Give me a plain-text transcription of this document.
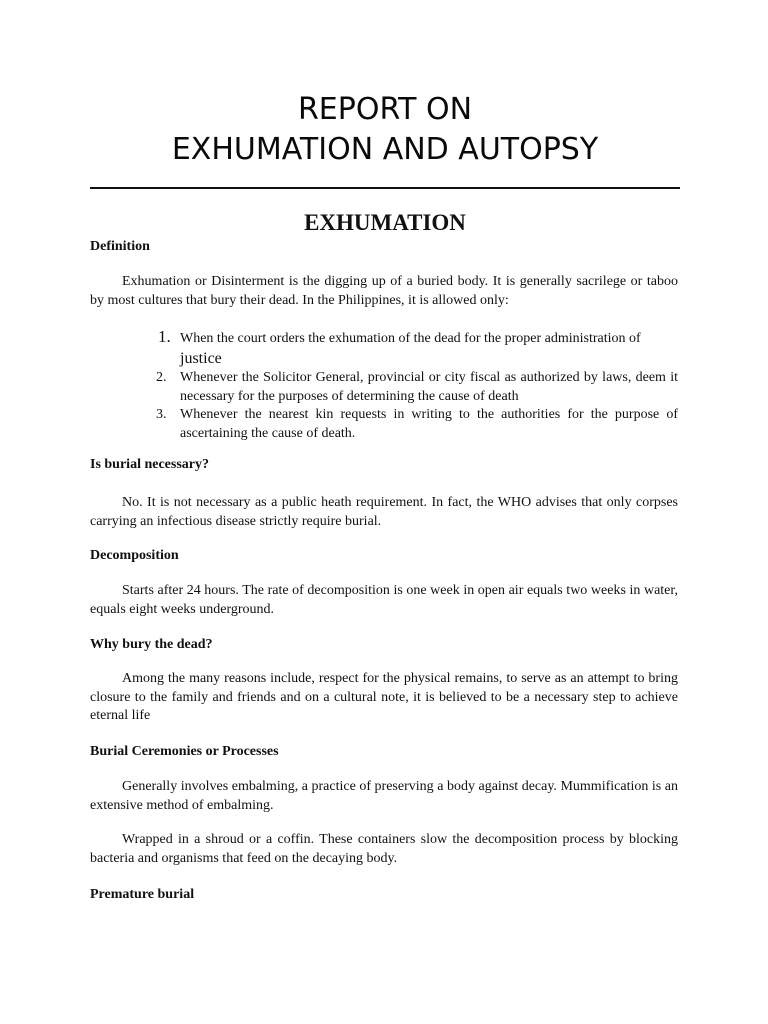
REPORT ON
EXHUMATION AND AUTOPSY
EXHUMATION
Definition
Exhumation or Disinterment is the digging up of a buried body. It is generally sacrilege or taboo by most cultures that bury their dead. In the Philippines, it is allowed only:
1. When the court orders the exhumation of the dead for the proper administration of
justice
2. Whenever the Solicitor General, provincial or city fiscal as authorized by laws, deem it necessary for the purposes of determining the cause of death
3. Whenever the nearest kin requests in writing to the authorities for the purpose of ascertaining the cause of death.
Is burial necessary?
No. It is not necessary as a public heath requirement. In fact, the WHO advises that only corpses carrying an infectious disease strictly require burial.
Decomposition
Starts after 24 hours. The rate of decomposition is one week in open air equals two weeks in water, equals eight weeks underground.
Why bury the dead?
Among the many reasons include, respect for the physical remains, to serve as an attempt to bring closure to the family and friends and on a cultural note, it is believed to be a necessary step to achieve eternal life
Burial Ceremonies or Processes
Generally involves embalming, a practice of preserving a body against decay. Mummification is an extensive method of embalming.
Wrapped in a shroud or a coffin. These containers slow the decomposition process by blocking bacteria and organisms that feed on the decaying body.
Premature burial
